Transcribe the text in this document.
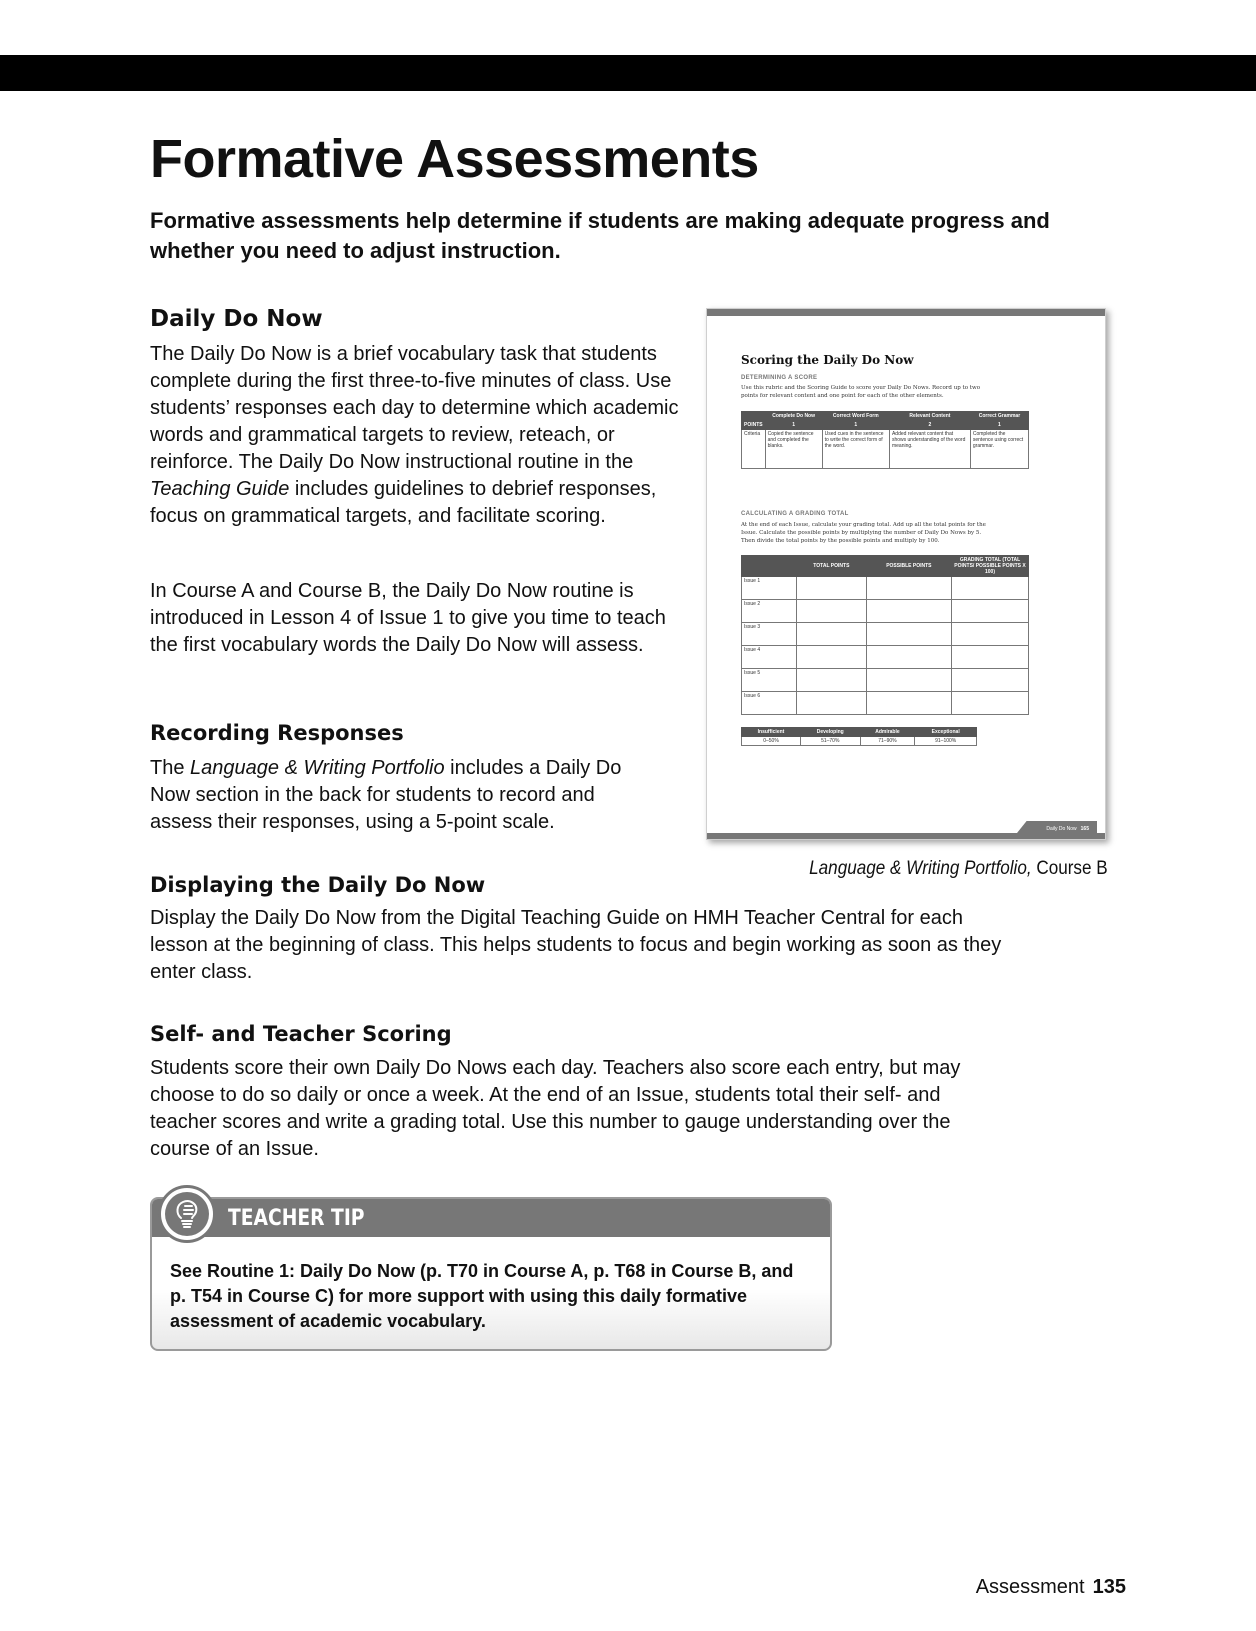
Formative Assessments

Formative assessments help determine if students are making adequate progress and whether you need to adjust instruction.

Daily Do Now

The Daily Do Now is a brief vocabulary task that students complete during the first three-to-five minutes of class. Use students’ responses each day to determine which academic words and grammatical targets to review, reteach, or reinforce. The Daily Do Now instructional routine in the Teaching Guide includes guidelines to debrief responses, focus on grammatical targets, and facilitate scoring.

In Course A and Course B, the Daily Do Now routine is introduced in Lesson 4 of Issue 1 to give you time to teach the first vocabulary words the Daily Do Now will assess.

Recording Responses

The Language & Writing Portfolio includes a Daily Do Now section in the back for students to record and assess their responses, using a 5-point scale.

Scoring the Daily Do Now
DETERMINING A SCORE
Use this rubric and the Scoring Guide to score your Daily Do Nows. Record up to two points for relevant content and one point for each of the other elements.
	Complete Do Now	Correct Word Form	Relevant Content	Correct Grammar
POINTS	1	1	2	1
Criteria	Copied the sentence and completed the blanks.	Used cues in the sentence to write the correct form of the word.	Added relevant content that shows understanding of the word meaning.	Completed the sentence using correct grammar.
CALCULATING A GRADING TOTAL
At the end of each Issue, calculate your grading total. Add up all the total points for the Issue. Calculate the possible points by multiplying the number of Daily Do Nows by 5. Then divide the total points by the possible points and multiply by 100.
	TOTAL POINTS	POSSIBLE POINTS	GRADING TOTAL (TOTAL POINTS/ POSSIBLE POINTS X 100)
Issue 1			
Issue 2			
Issue 3			
Issue 4			
Issue 5			
Issue 6			
Insufficient	Developing	Admirable	Exceptional
0–50%	51–70%	71–90%	91–100%
Daily Do Now 165
Language & Writing Portfolio, Course B
Displaying the Daily Do Now

Display the Daily Do Now from the Digital Teaching Guide on HMH Teacher Central for each lesson at the beginning of class. This helps students to focus and begin working as soon as they enter class.

Self- and Teacher Scoring

Students score their own Daily Do Nows each day. Teachers also score each entry, but may choose to do so daily or once a week. At the end of an Issue, students total their self- and teacher scores and write a grading total. Use this number to gauge understanding over the course of an Issue.

TEACHER TIP

See Routine 1: Daily Do Now (p. T70 in Course A, p. T68 in Course B, and p. T54 in Course C) for more support with using this daily formative assessment of academic vocabulary.

Assessment 135
